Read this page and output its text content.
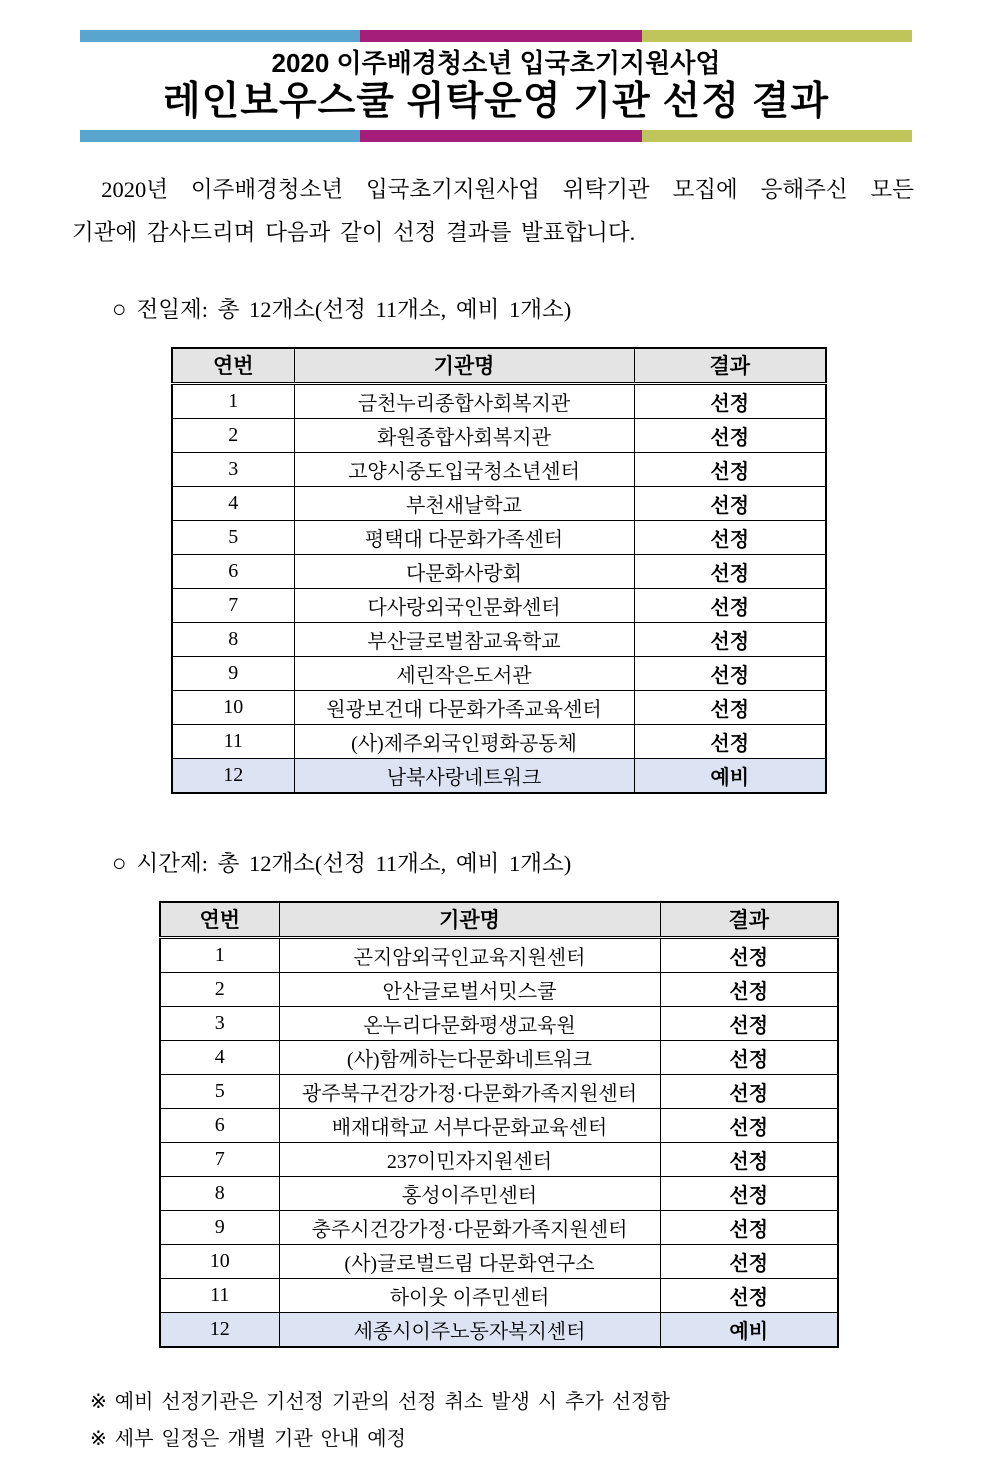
2020 이주배경청소년 입국초기지원사업
레인보우스쿨 위탁운영 기관 선정 결과
2020년 이주배경청소년 입국초기지원사업 위탁기관 모집에 응해주신 모든
기관에 감사드리며 다음과 같이 선정 결과를 발표합니다.
○ 전일제: 총 12개소(선정 11개소, 예비 1개소)
연번	기관명	결과
1	금천누리종합사회복지관	선정
2	화원종합사회복지관	선정
3	고양시중도입국청소년센터	선정
4	부천새날학교	선정
5	평택대 다문화가족센터	선정
6	다문화사랑회	선정
7	다사랑외국인문화센터	선정
8	부산글로벌참교육학교	선정
9	세린작은도서관	선정
10	원광보건대 다문화가족교육센터	선정
11	(사)제주외국인평화공동체	선정
12	남북사랑네트워크	예비
○ 시간제: 총 12개소(선정 11개소, 예비 1개소)
연번	기관명	결과
1	곤지암외국인교육지원센터	선정
2	안산글로벌서밋스쿨	선정
3	온누리다문화평생교육원	선정
4	(사)함께하는다문화네트워크	선정
5	광주북구건강가정·다문화가족지원센터	선정
6	배재대학교 서부다문화교육센터	선정
7	237이민자지원센터	선정
8	홍성이주민센터	선정
9	충주시건강가정·다문화가족지원센터	선정
10	(사)글로벌드림 다문화연구소	선정
11	하이웃 이주민센터	선정
12	세종시이주노동자복지센터	예비
※ 예비 선정기관은 기선정 기관의 선정 취소 발생 시 추가 선정함
※ 세부 일정은 개별 기관 안내 예정
